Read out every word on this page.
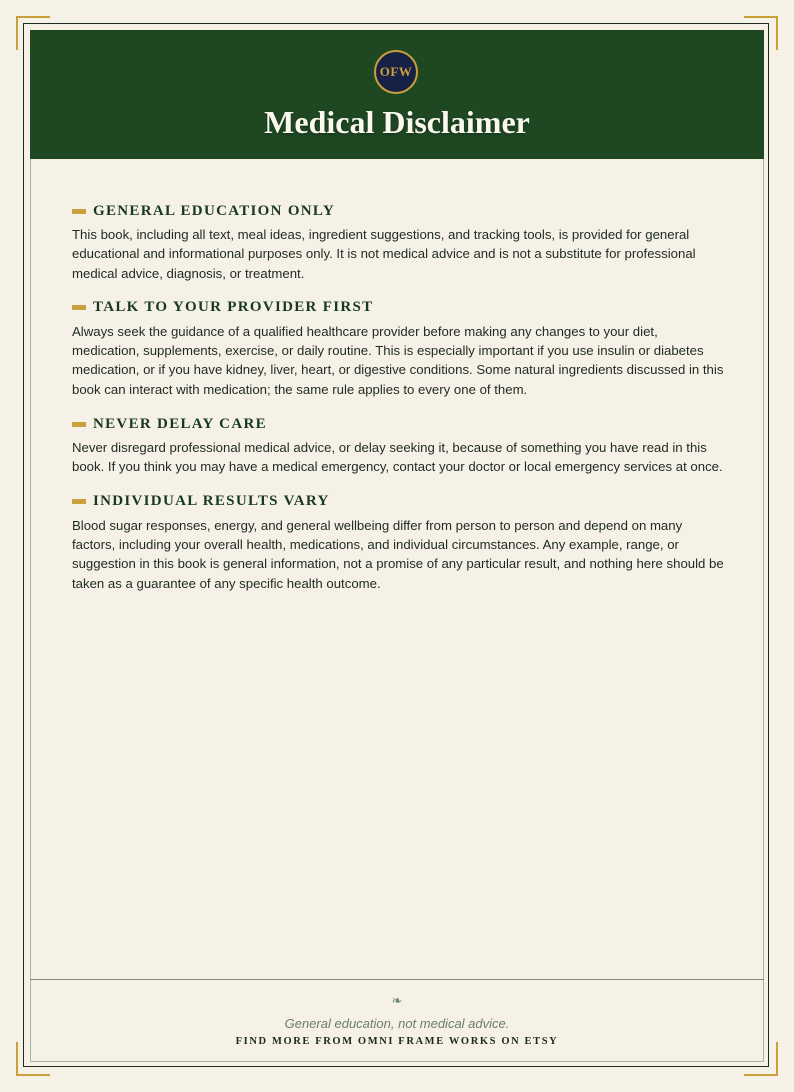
OFW
Medical Disclaimer
GENERAL EDUCATION ONLY

This book, including all text, meal ideas, ingredient suggestions, and tracking tools, is provided for general educational and informational purposes only. It is not medical advice and is not a substitute for professional medical advice, diagnosis, or treatment.

TALK TO YOUR PROVIDER FIRST

Always seek the guidance of a qualified healthcare provider before making any changes to your diet, medication, supplements, exercise, or daily routine. This is especially important if you use insulin or diabetes medication, or if you have kidney, liver, heart, or digestive conditions. Some natural ingredients discussed in this book can interact with medication; the same rule applies to every one of them.

NEVER DELAY CARE

Never disregard professional medical advice, or delay seeking it, because of something you have read in this book. If you think you may have a medical emergency, contact your doctor or local emergency services at once.

INDIVIDUAL RESULTS VARY

Blood sugar responses, energy, and general wellbeing differ from person to person and depend on many factors, including your overall health, medications, and individual circumstances. Any example, range, or suggestion in this book is general information, not a promise of any particular result, and nothing here should be taken as a guarantee of any specific health outcome.

❧
General education, not medical advice.
FIND MORE FROM OMNI FRAME WORKS ON ETSY
